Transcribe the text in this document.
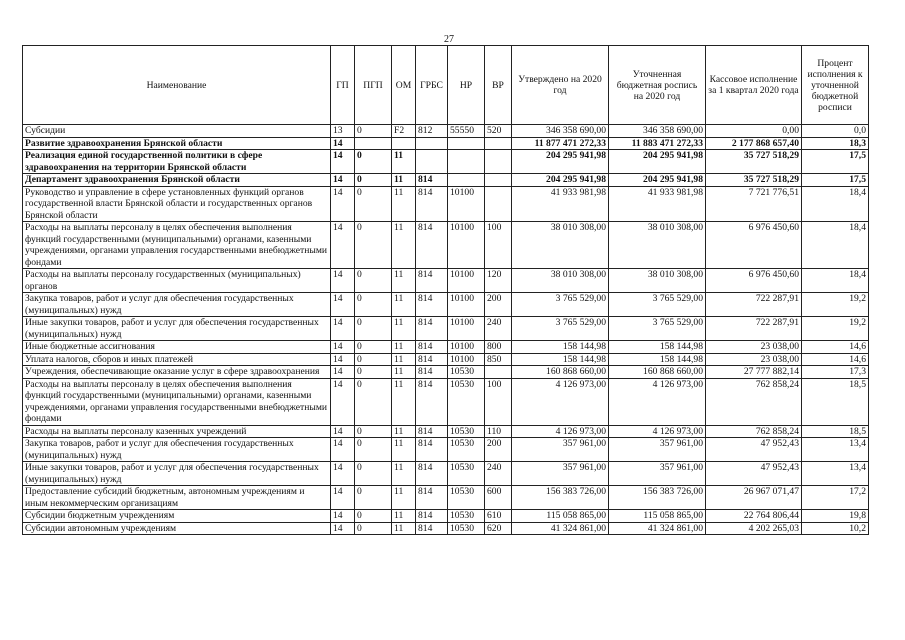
27
Наименование	ГП	ПГП	ОМ	ГРБС	НР	ВР	Утверждено на 2020 год	Уточненная бюджетная роспись на 2020 год	Кассовое исполнение за 1 квартал 2020 года	Процент исполнения к уточненной бюджетной росписи
Субсидии	13	0	F2	812	55550	520	346 358 690,00	346 358 690,00	0,00	0,0
Развитие здравоохранения Брянской области	14						11 877 471 272,33	11 883 471 272,33	2 177 868 657,40	18,3
Реализация единой государственной политики в сфере здравоохранения на территории Брянской области	14	0	11				204 295 941,98	204 295 941,98	35 727 518,29	17,5
Департамент здравоохранения Брянской области	14	0	11	814			204 295 941,98	204 295 941,98	35 727 518,29	17,5
Руководство и управление в сфере установленных функций органов государственной власти Брянской области и государственных органов Брянской области	14	0	11	814	10100		41 933 981,98	41 933 981,98	7 721 776,51	18,4
Расходы на выплаты персоналу в целях обеспечения выполнения функций государственными (муниципальными) органами, казенными учреждениями, органами управления государственными внебюджетными фондами	14	0	11	814	10100	100	38 010 308,00	38 010 308,00	6 976 450,60	18,4
Расходы на выплаты персоналу государственных (муниципальных) органов	14	0	11	814	10100	120	38 010 308,00	38 010 308,00	6 976 450,60	18,4
Закупка товаров, работ и услуг для обеспечения государственных (муниципальных) нужд	14	0	11	814	10100	200	3 765 529,00	3 765 529,00	722 287,91	19,2
Иные закупки товаров, работ и услуг для обеспечения государственных (муниципальных) нужд	14	0	11	814	10100	240	3 765 529,00	3 765 529,00	722 287,91	19,2
Иные бюджетные ассигнования	14	0	11	814	10100	800	158 144,98	158 144,98	23 038,00	14,6
Уплата налогов, сборов и иных платежей	14	0	11	814	10100	850	158 144,98	158 144,98	23 038,00	14,6
Учреждения, обеспечивающие оказание услуг в сфере здравоохранения	14	0	11	814	10530		160 868 660,00	160 868 660,00	27 777 882,14	17,3
Расходы на выплаты персоналу в целях обеспечения выполнения функций государственными (муниципальными) органами, казенными учреждениями, органами управления государственными внебюджетными фондами	14	0	11	814	10530	100	4 126 973,00	4 126 973,00	762 858,24	18,5
Расходы на выплаты персоналу казенных учреждений	14	0	11	814	10530	110	4 126 973,00	4 126 973,00	762 858,24	18,5
Закупка товаров, работ и услуг для обеспечения государственных (муниципальных) нужд	14	0	11	814	10530	200	357 961,00	357 961,00	47 952,43	13,4
Иные закупки товаров, работ и услуг для обеспечения государственных (муниципальных) нужд	14	0	11	814	10530	240	357 961,00	357 961,00	47 952,43	13,4
Предоставление субсидий бюджетным, автономным учреждениям и иным некоммерческим организациям	14	0	11	814	10530	600	156 383 726,00	156 383 726,00	26 967 071,47	17,2
Субсидии бюджетным учреждениям	14	0	11	814	10530	610	115 058 865,00	115 058 865,00	22 764 806,44	19,8
Субсидии автономным учреждениям	14	0	11	814	10530	620	41 324 861,00	41 324 861,00	4 202 265,03	10,2
